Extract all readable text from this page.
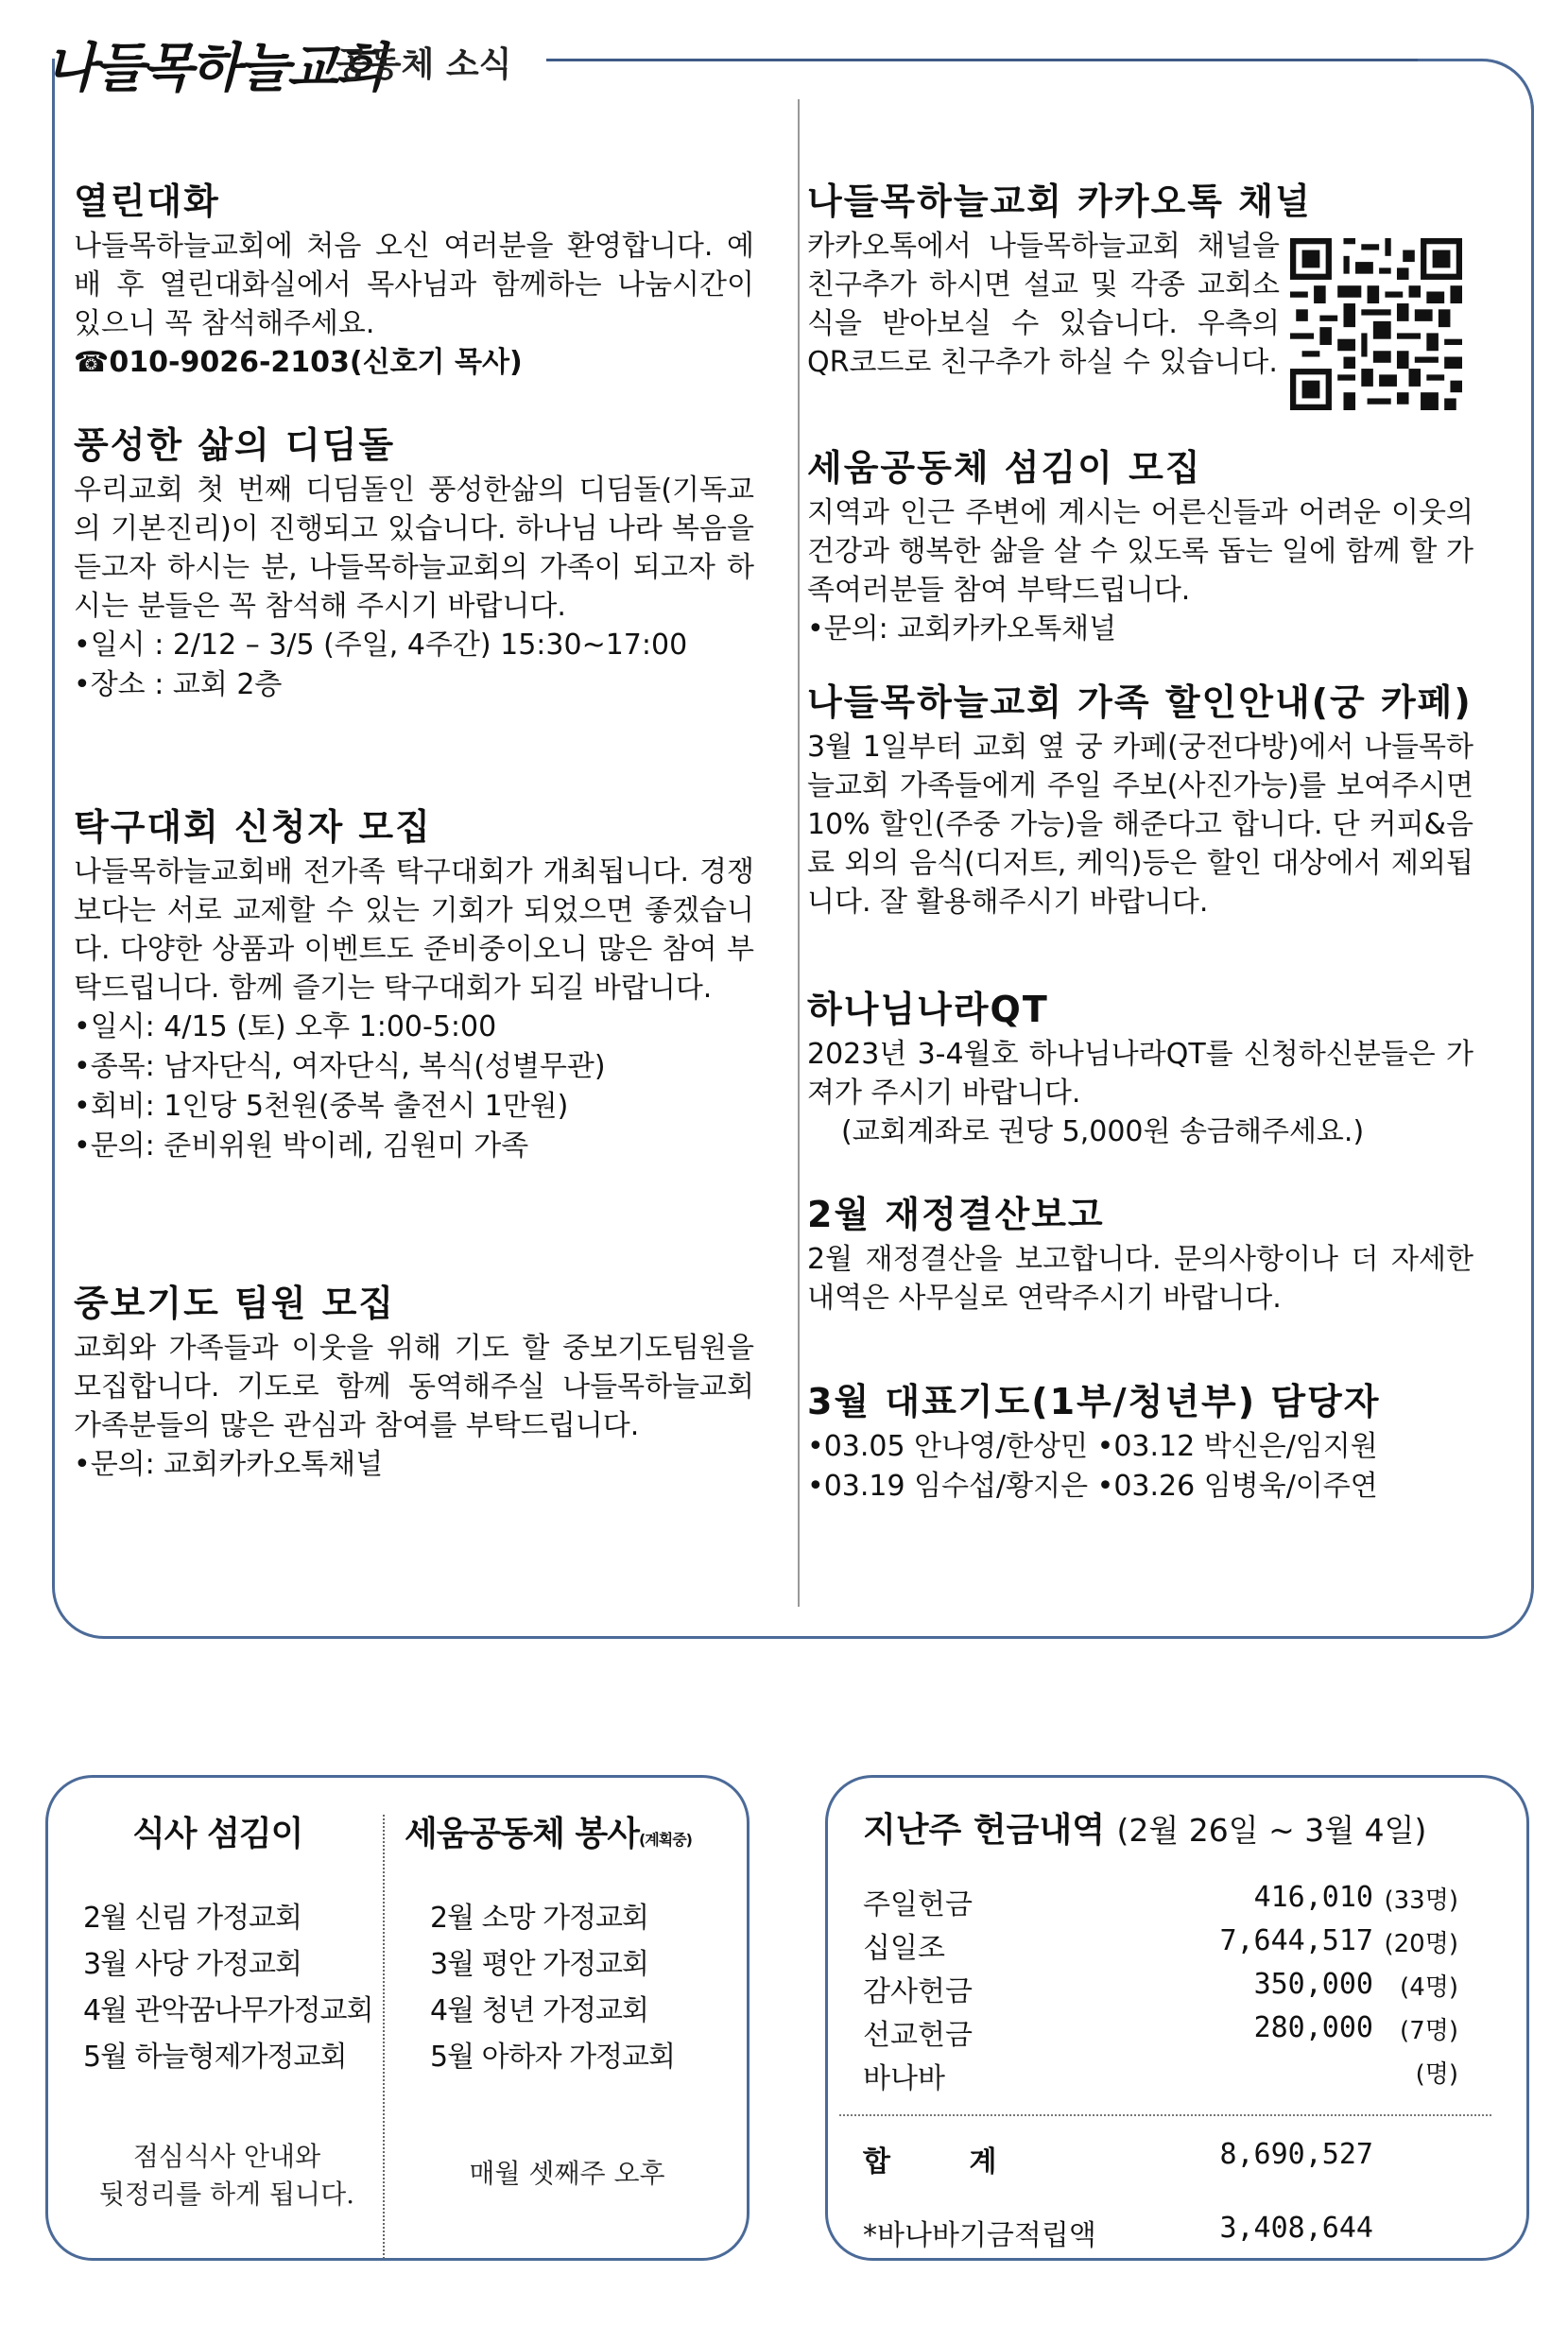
나들목하늘교회
공동체 소식
열린대화

나들목하늘교회에 처음 오신 여러분을 환영합니다. 예배 후 열린대화실에서 목사님과 함께하는 나눔시간이 있으니 꼭 참석해주세요.

☎010-9026-2103(신호기 목사)
풍성한 삶의 디딤돌

우리교회 첫 번째 디딤돌인 풍성한삶의 디딤돌(기독교의 기본진리)이 진행되고 있습니다. 하나님 나라 복음을 듣고자 하시는 분, 나들목하늘교회의 가족이 되고자 하시는 분들은 꼭 참석해 주시기 바랍니다.

•일시 : 2/12 – 3/5 (주일, 4주간) 15:30~17:00
•장소 : 교회 2층
탁구대회 신청자 모집

나들목하늘교회배 전가족 탁구대회가 개최됩니다. 경쟁보다는 서로 교제할 수 있는 기회가 되었으면 좋겠습니다. 다양한 상품과 이벤트도 준비중이오니 많은 참여 부탁드립니다. 함께 즐기는 탁구대회가 되길 바랍니다.

•일시: 4/15 (토) 오후 1:00-5:00
•종목: 남자단식, 여자단식, 복식(성별무관)
•회비: 1인당 5천원(중복 출전시 1만원)
•문의: 준비위원 박이레, 김원미 가족
중보기도 팀원 모집

교회와 가족들과 이웃을 위해 기도 할 중보기도팀원을 모집합니다. 기도로 함께 동역해주실 나들목하늘교회 가족분들의 많은 관심과 참여를 부탁드립니다.

•문의: 교회카카오톡채널
나들목하늘교회 카카오톡 채널

카카오톡에서 나들목하늘교회 채널을 친구추가 하시면 설교 및 각종 교회소식을 받아보실 수 있습니다. 우측의 QR코드로 친구추가 하실 수 있습니다.

세움공동체 섬김이 모집

지역과 인근 주변에 계시는 어른신들과 어려운 이웃의 건강과 행복한 삶을 살 수 있도록 돕는 일에 함께 할 가족여러분들 참여 부탁드립니다.

•문의: 교회카카오톡채널
나들목하늘교회 가족 할인안내(궁 카페)

3월 1일부터 교회 옆 궁 카페(궁전다방)에서 나들목하늘교회 가족들에게 주일 주보(사진가능)를 보여주시면10% 할인(주중 가능)을 해준다고 합니다. 단 커피&음료 외의 음식(디저트, 케익)등은 할인 대상에서 제외됩니다. 잘 활용해주시기 바랍니다.

하나님나라QT

2023년 3-4월호 하나님나라QT를 신청하신분들은 가져가 주시기 바랍니다.

(교회계좌로 권당 5,000원 송금해주세요.)
2월 재정결산보고

2월 재정결산을 보고합니다. 문의사항이나 더 자세한 내역은 사무실로 연락주시기 바랍니다.

3월 대표기도(1부/청년부) 담당자
•03.05 안나영/한상민 •03.12 박신은/임지원
•03.19 임수섭/황지은 •03.26 임병욱/이주연
식사 섬김이
2월 신림 가정교회
3월 사당 가정교회
4월 관악꿈나무가정교회
5월 하늘형제가정교회
점심식사 안내와
뒷정리를 하게 됩니다.
세움공동체 봉사(계획중)
2월 소망 가정교회
3월 평안 가정교회
4월 청년 가정교회
5월 아하자 가정교회
매월 셋째주 오후
지난주 헌금내역 (2월 26일 ~ 3월 4일)
주일헌금	416,010 (33명)
십일조	7,644,517 (20명)
감사헌금	350,000 (4명)
선교헌금	280,000 (7명)
바나바	(명)
합        계	8,690,527
*바나바기금적립액	3,408,644
